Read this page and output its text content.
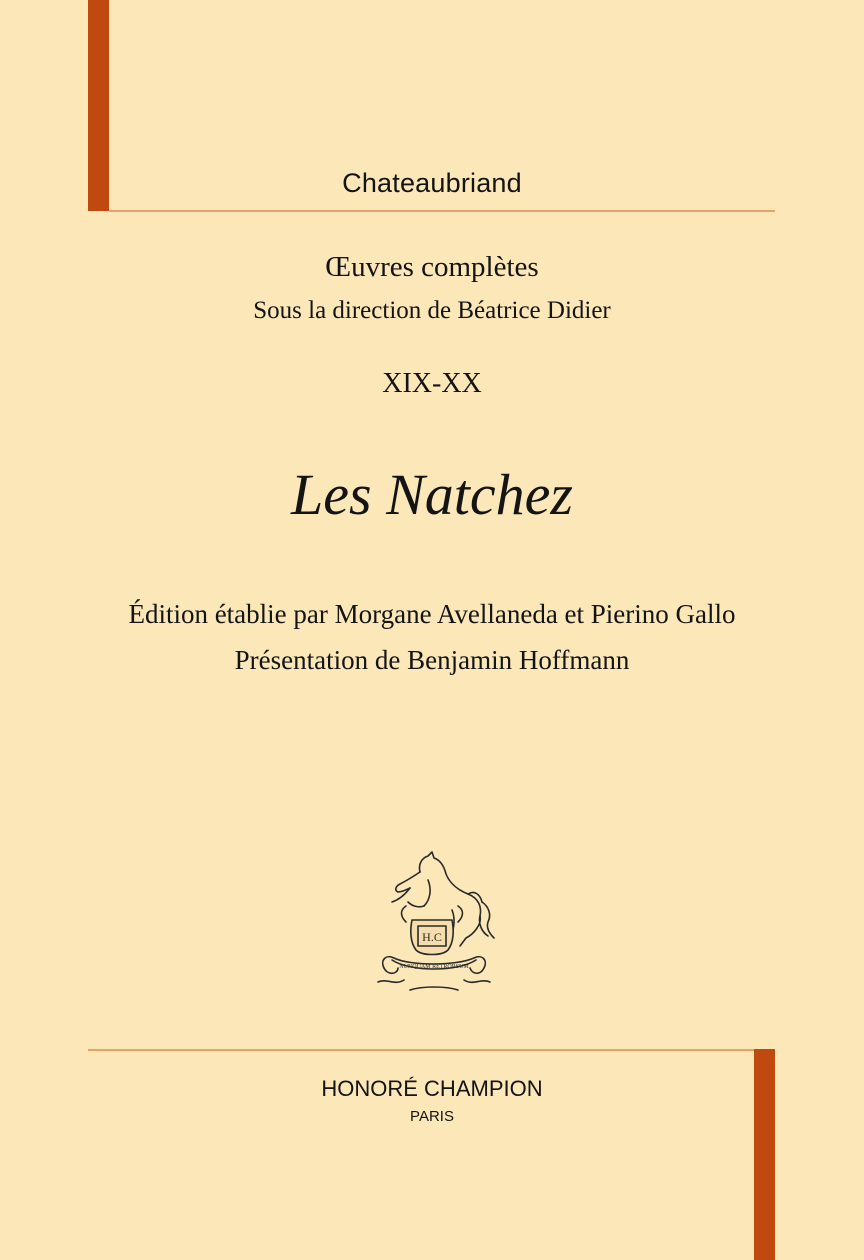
Chateaubriand
Œuvres complètes
Sous la direction de Béatrice Didier
XIX-XX
Les Natchez
Édition établie par Morgane Avellaneda et Pierino Gallo
Présentation de Benjamin Hoffmann
H.C
NUNQUAM RETRORSUM
HONORÉ CHAMPION
PARIS
